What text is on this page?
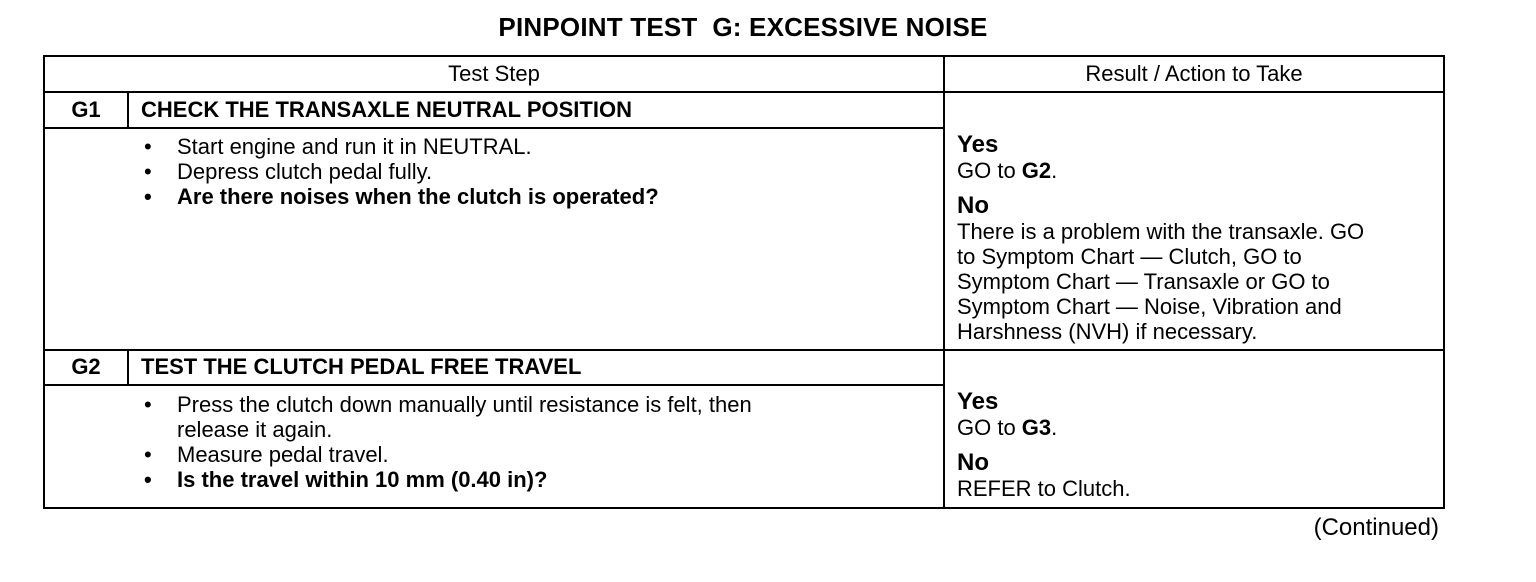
PINPOINT TEST  G: EXCESSIVE NOISE
Test Step	Result / Action to Take
G1	CHECK THE TRANSAXLE NEUTRAL POSITION
• Start engine and run it in NEUTRAL.
• Depress clutch pedal fully.
• Are there noises when the clutch is operated?
Yes
GO to G2.
No
There is a problem with the transaxle. GO
to Symptom Chart — Clutch, GO to
Symptom Chart — Transaxle or GO to
Symptom Chart — Noise, Vibration and
Harshness (NVH) if necessary.
G2	TEST THE CLUTCH PEDAL FREE TRAVEL
• Press the clutch down manually until resistance is felt, then
release it again.
• Measure pedal travel.
• Is the travel within 10 mm (0.40 in)?
Yes
GO to G3.
No
REFER to Clutch.
(Continued)
